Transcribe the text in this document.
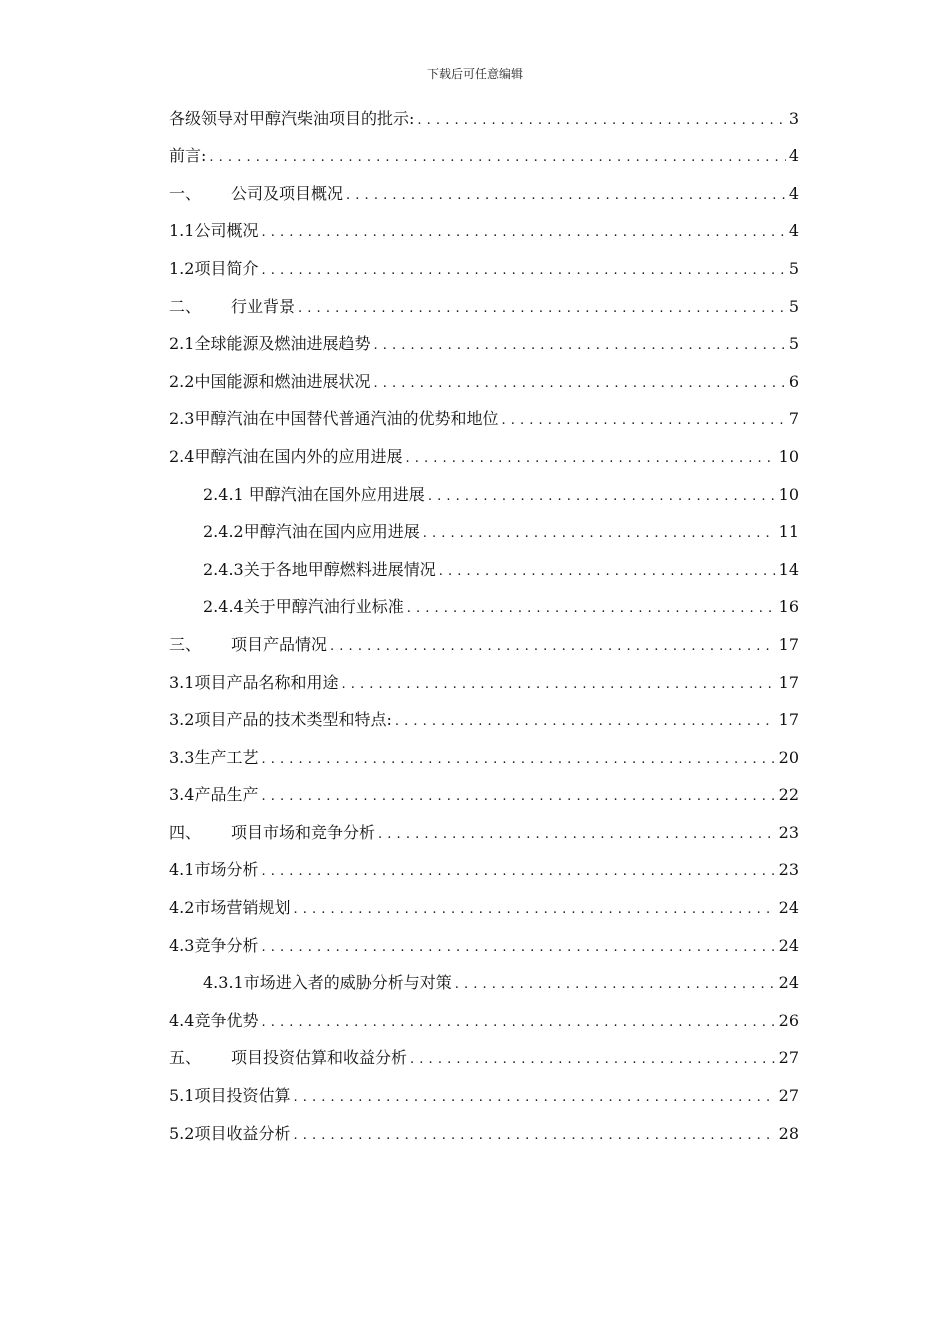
下载后可任意编辑
各级领导对甲醇汽柴油项目的批示: . . .	3
前言: . . .	4
一、 公司及项目概况 . . .	4
1.1公司概况 . . .	4
1.2项目简介 . . .	5
二、 行业背景 . . .	5
2.1全球能源及燃油进展趋势 . . .	5
2.2中国能源和燃油进展状况 . . .	6
2.3甲醇汽油在中国替代普通汽油的优势和地位 . . .	7
2.4甲醇汽油在国内外的应用进展 . . .	10
2.4.1 甲醇汽油在国外应用进展 . . .	10
2.4.2甲醇汽油在国内应用进展 . . .	11
2.4.3关于各地甲醇燃料进展情况 . . .	14
2.4.4关于甲醇汽油行业标准 . . .	16
三、 项目产品情况 . . .	17
3.1项目产品名称和用途 . . .	17
3.2项目产品的技术类型和特点: . . .	17
3.3生产工艺 . . .	20
3.4产品生产 . . .	22
四、 项目市场和竞争分析 . . .	23
4.1市场分析 . . .	23
4.2市场营销规划 . . .	24
4.3竞争分析 . . .	24
4.3.1市场进入者的威胁分析与对策 . . .	24
4.4竞争优势 . . .	26
五、 项目投资估算和收益分析 . . .	27
5.1项目投资估算 . . .	27
5.2项目收益分析 . . .	28
